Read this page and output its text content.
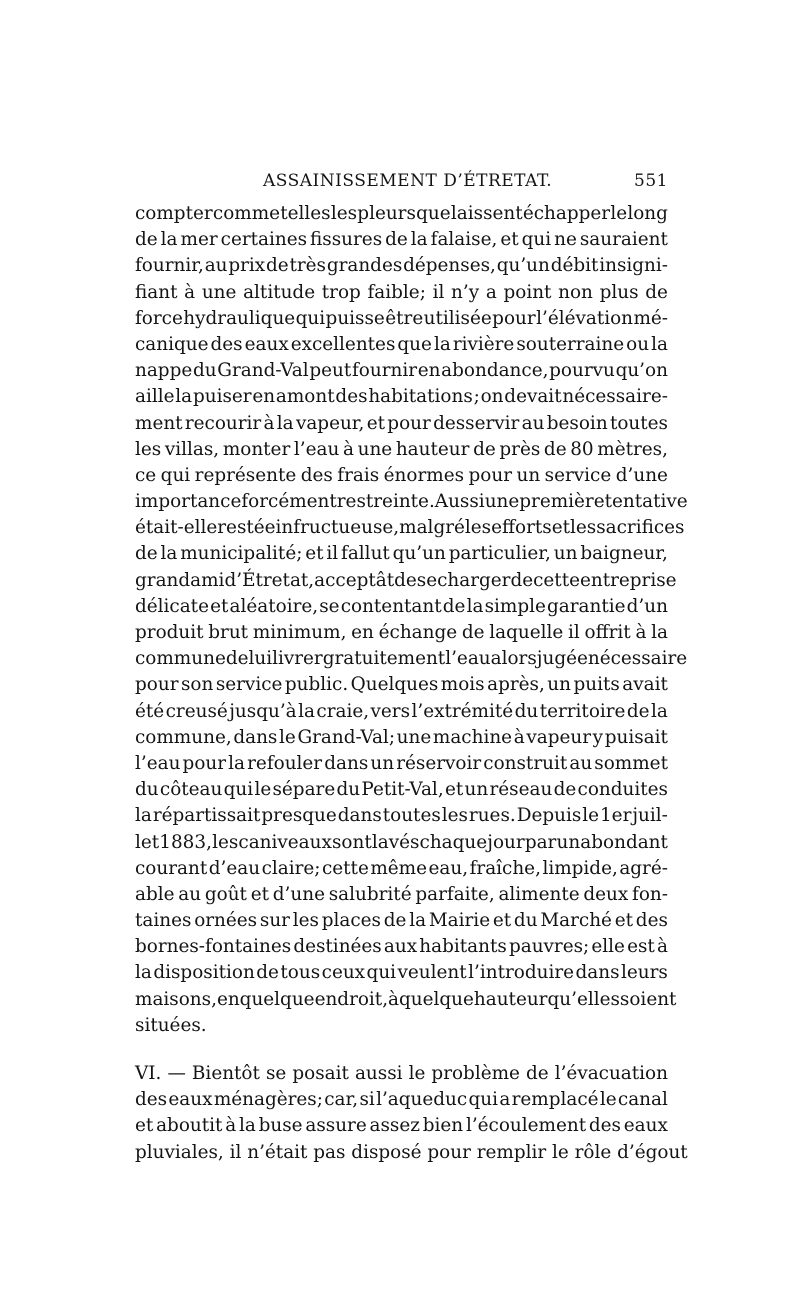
ASSAINISSEMENT D’ÉTRETAT.	551
compter comme telles les pleurs que laissent échapper le long
de la mer certaines fissures de la falaise, et qui ne sauraient
fournir, au prix de très grandes dépenses, qu’un débit insigni-
fiant à une altitude trop faible; il n’y a point non plus de
force hydraulique qui puisse être utilisée pour l’élévation mé-
canique des eaux excellentes que la rivière souterraine ou la
nappe du Grand-Val peut fournir en abondance, pourvu qu’on
aille la puiser en amont des habitations ; on devait nécessaire-
ment recourir à la vapeur, et pour desservir au besoin toutes
les villas, monter l’eau à une hauteur de près de 80 mètres,
ce qui représente des frais énormes pour un service d’une
importance forcément restreinte. Aussi une première tentative
était-elle restée infructueuse, malgré les efforts et les sacrifices
de la municipalité; et il fallut qu’un particulier, un baigneur,
grand ami d’Étretat, acceptât de se charger de cette entreprise
délicate et aléatoire, se contentant de la simple garantie d’un
produit brut minimum, en échange de laquelle il offrit à la
commune de lui livrer gratuitement l’eau alors jugée nécessaire
pour son service public. Quelques mois après, un puits avait
été creusé jusqu’à la craie, vers l’extrémité du territoire de la
commune, dans le Grand-Val; une machine à vapeur y puisait
l’eau pour la refouler dans un réservoir construit au sommet
du côteau qui le sépare du Petit-Val, et un réseau de conduites
la répartissait presque dans toutes les rues. Depuis le 1er juil-
let 1883, les caniveaux sont lavés chaque jour par un abondant
courant d’eau claire; cette même eau, fraîche, limpide, agré-
able au goût et d’une salubrité parfaite, alimente deux fon-
taines ornées sur les places de la Mairie et du Marché et des
bornes-fontaines destinées aux habitants pauvres; elle est à
la disposition de tous ceux qui veulent l’introduire dans leurs
maisons, en quelque endroit, à quelque hauteur qu’elles soient
situées.
VI. — Bientôt se posait aussi le problème de l’évacuation
des eaux ménagères; car, si l’aqueduc qui a remplacé le canal
et aboutit à la buse assure assez bien l’écoulement des eaux
pluviales, il n’était pas disposé pour remplir le rôle d’égout
